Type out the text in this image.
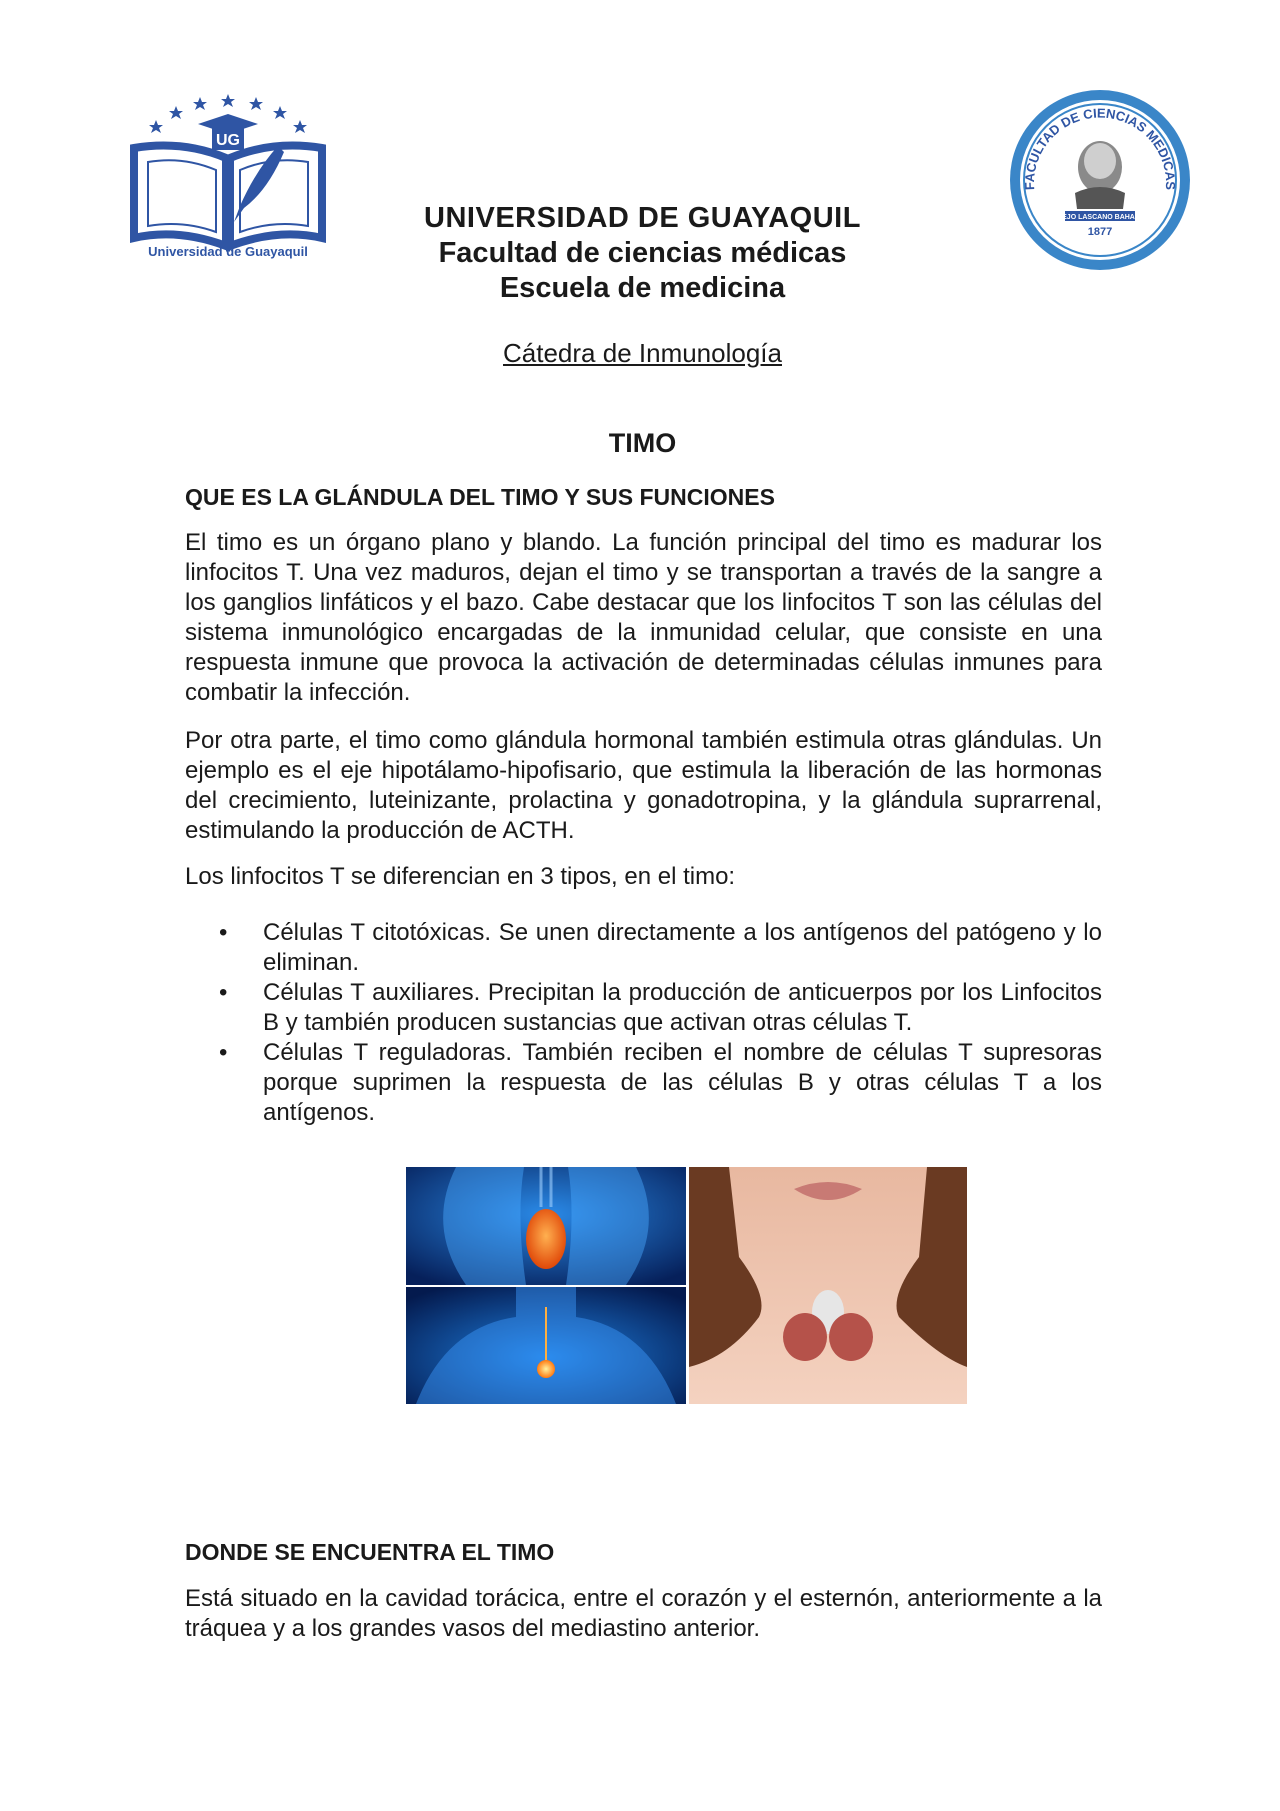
UG
Universidad de Guayaquil
FACULTAD DE CIENCIAS MEDICAS
DR. ALEJO LASCANO BAHAMONDE
1877
UNIVERSIDAD DE GUAYAQUIL
Facultad de ciencias médicas
Escuela de medicina
Cátedra de Inmunología
TIMO
QUE ES LA GLÁNDULA DEL TIMO Y SUS FUNCIONES
El timo es un órgano plano y blando. La función principal del timo es madurar los linfocitos T. Una vez maduros, dejan el timo y se transportan a través de la sangre a los ganglios linfáticos y el bazo. Cabe destacar que los linfocitos T son las células del sistema inmunológico encargadas de la inmunidad celular, que consiste en una respuesta inmune que provoca la activación de determinadas células inmunes para combatir la infección.
Por otra parte, el timo como glándula hormonal también estimula otras glándulas. Un ejemplo es el eje hipotálamo-hipofisario, que estimula la liberación de las hormonas del crecimiento, luteinizante, prolactina y gonadotropina, y la glándula suprarrenal, estimulando la producción de ACTH.
Los linfocitos T se diferencian en 3 tipos, en el timo:
• Células T citotóxicas. Se unen directamente a los antígenos del patógeno y lo eliminan.
• Células T auxiliares. Precipitan la producción de anticuerpos por los Linfocitos B y también producen sustancias que activan otras células T.
• Células T reguladoras. También reciben el nombre de células T supresoras porque suprimen la respuesta de las células B y otras células T a los antígenos.
DONDE SE ENCUENTRA EL TIMO
Está situado en la cavidad torácica, entre el corazón y el esternón, anteriormente a la tráquea y a los grandes vasos del mediastino anterior.
